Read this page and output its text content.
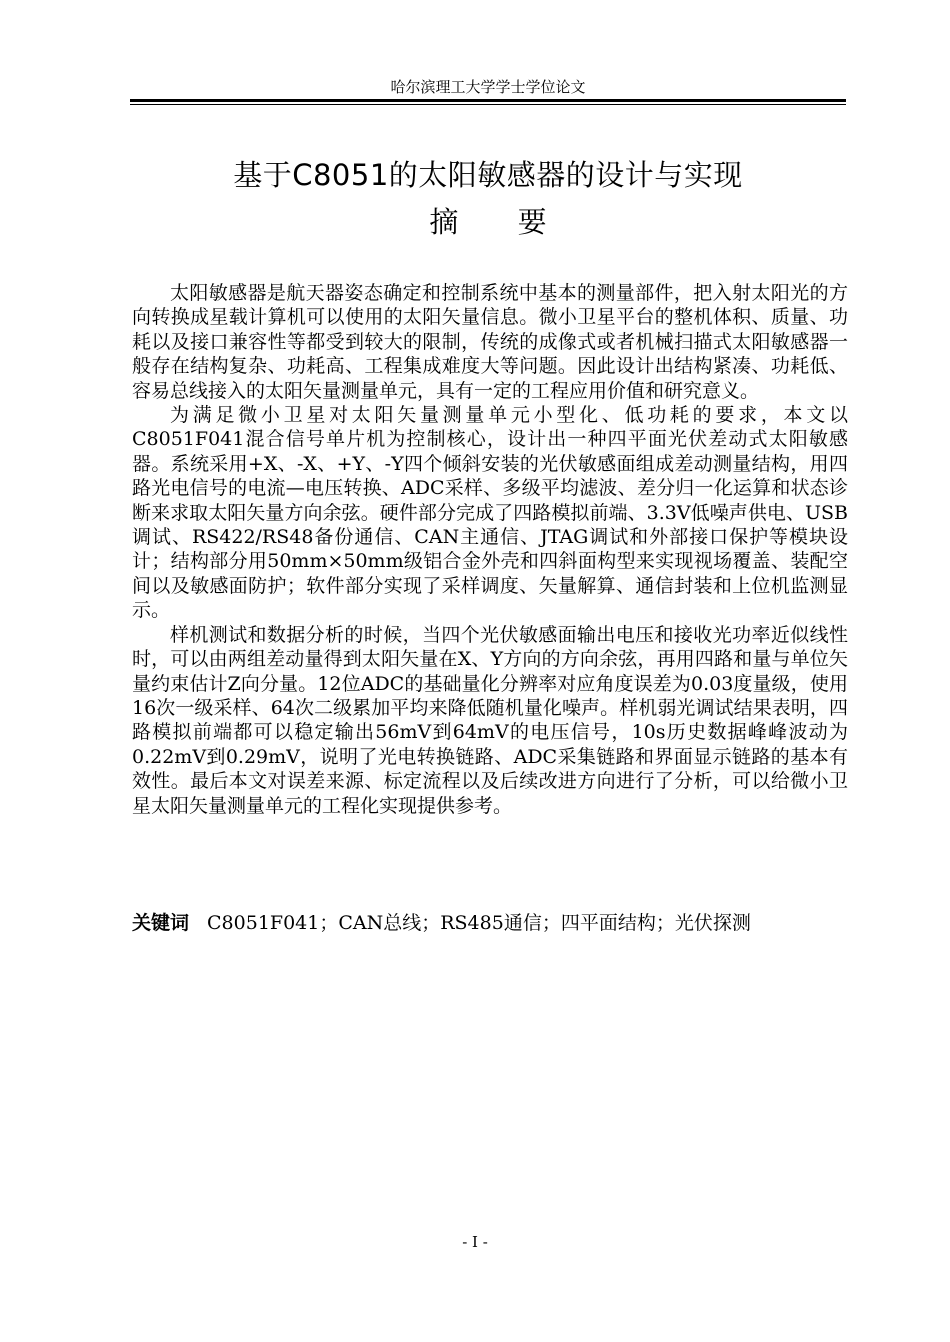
哈尔滨理工大学学士学位论文
基于C8051的太阳敏感器的设计与实现
摘 要

太阳敏感器是航天器姿态确定和控制系统中基本的测量部件，把入射太阳光的方向转换成星载计算机可以使用的太阳矢量信息。微小卫星平台的整机体积、质量、功耗以及接口兼容性等都受到较大的限制，传统的成像式或者机械扫描式太阳敏感器一般存在结构复杂、功耗高、工程集成难度大等问题。因此设计出结构紧凑、功耗低、容易总线接入的太阳矢量测量单元，具有一定的工程应用价值和研究意义。

为满足微小卫星对太阳矢量测量单元小型化、低功耗的要求，本文以C8051F041混合信号单片机为控制核心，设计出一种四平面光伏差动式太阳敏感器。系统采用+X、-X、+Y、-Y四个倾斜安装的光伏敏感面组成差动测量结构，用四路光电信号的电流—电压转换、ADC采样、多级平均滤波、差分归一化运算和状态诊断来求取太阳矢量方向余弦。硬件部分完成了四路模拟前端、3.3V低噪声供电、USB调试、RS422/RS48备份通信、CAN主通信、JTAG调试和外部接口保护等模块设计；结构部分用50mm×50mm级铝合金外壳和四斜面构型来实现视场覆盖、装配空间以及敏感面防护；软件部分实现了采样调度、矢量解算、通信封装和上位机监测显示。

样机测试和数据分析的时候，当四个光伏敏感面输出电压和接收光功率近似线性时，可以由两组差动量得到太阳矢量在X、Y方向的方向余弦，再用四路和量与单位矢量约束估计Z向分量。12位ADC的基础量化分辨率对应角度误差为0.03度量级，使用16次一级采样、64次二级累加平均来降低随机量化噪声。样机弱光调试结果表明，四路模拟前端都可以稳定输出56mV到64mV的电压信号，10s历史数据峰峰波动为0.22mV到0.29mV，说明了光电转换链路、ADC采集链路和界面显示链路的基本有效性。最后本文对误差来源、标定流程以及后续改进方向进行了分析，可以给微小卫星太阳矢量测量单元的工程化实现提供参考。

关键词 C8051F041；CAN总线；RS485通信；四平面结构；光伏探测
- I -
